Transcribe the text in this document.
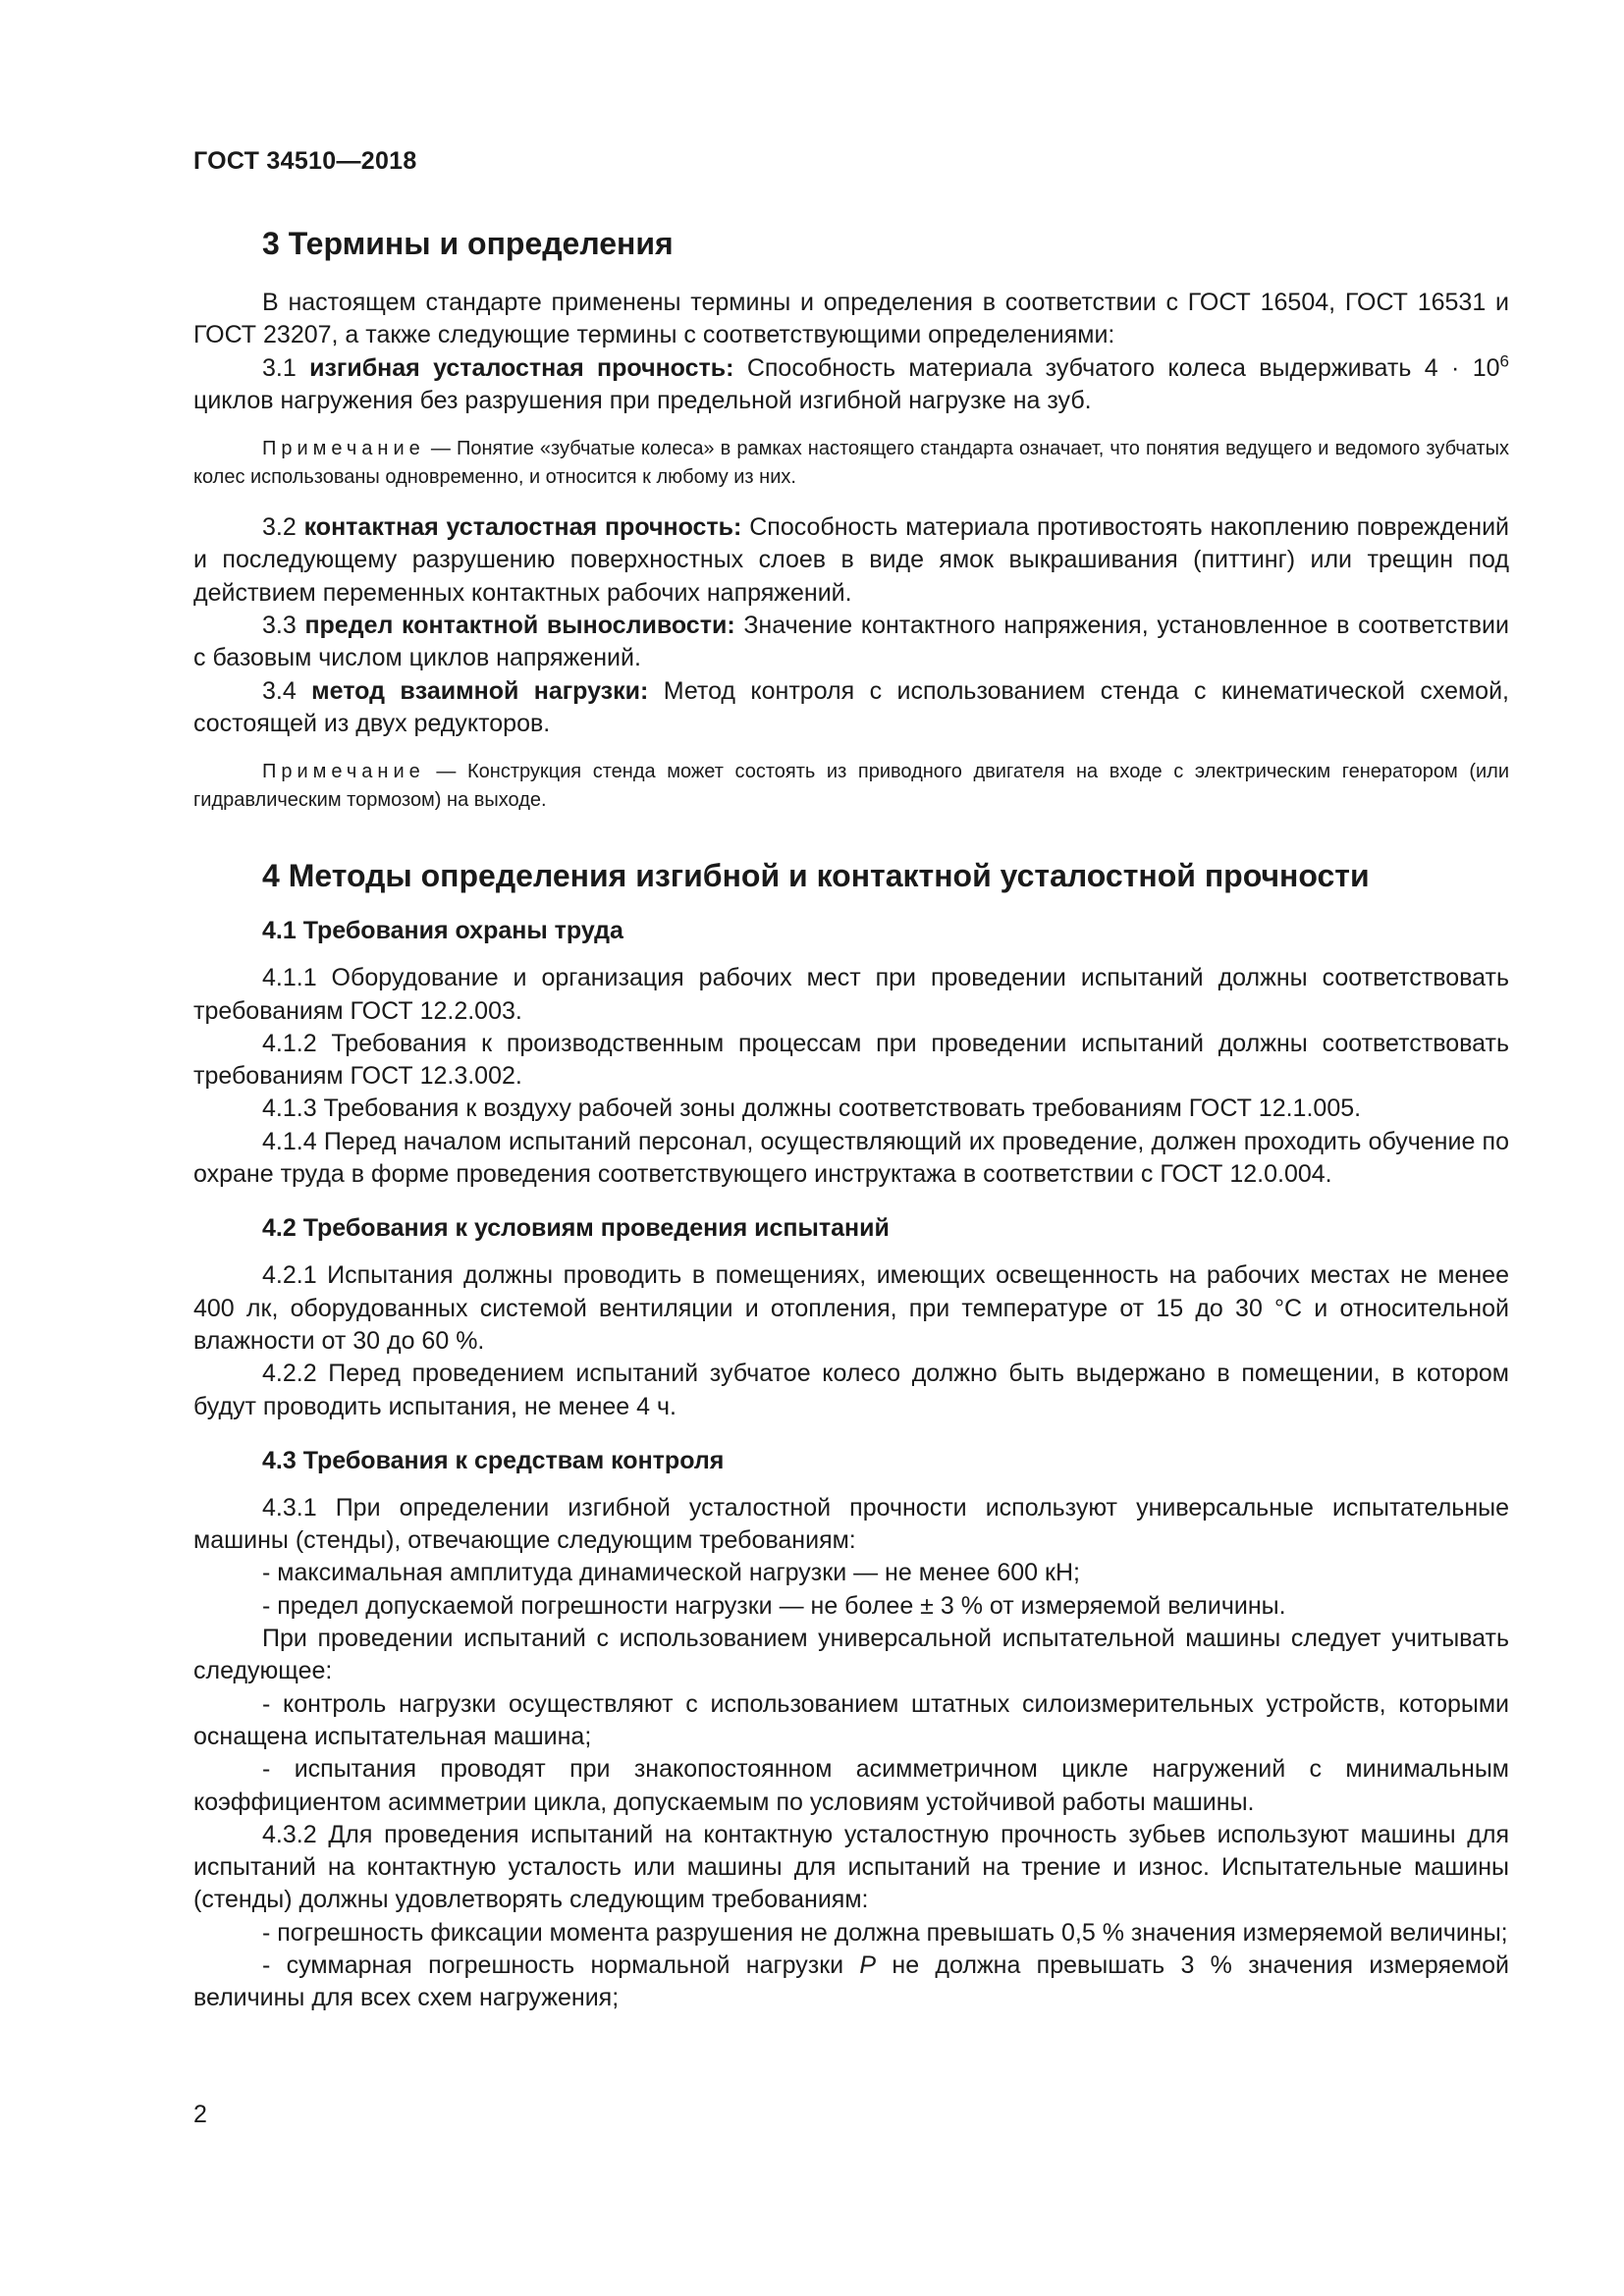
ГОСТ 34510—2018
3 Термины и определения

В настоящем стандарте применены термины и определения в соответствии с ГОСТ 16504, ГОСТ 16531 и ГОСТ 23207, а также следующие термины с соответствующими определениями:

3.1 изгибная усталостная прочность: Способность материала зубчатого колеса выдерживать $4 \cdot 10^6$ циклов нагружения без разрушения при предельной изгибной нагрузке на зуб.

Примечание — Понятие «зубчатые колеса» в рамках настоящего стандарта означает, что понятия ведущего и ведомого зубчатых колес использованы одновременно, и относится к любому из них.

3.2 контактная усталостная прочность: Способность материала противостоять накоплению повреждений и последующему разрушению поверхностных слоев в виде ямок выкрашивания (питтинг) или трещин под действием переменных контактных рабочих напряжений.

3.3 предел контактной выносливости: Значение контактного напряжения, установленное в соответствии с базовым числом циклов напряжений.

3.4 метод взаимной нагрузки: Метод контроля с использованием стенда с кинематической схемой, состоящей из двух редукторов.

Примечание — Конструкция стенда может состоять из приводного двигателя на входе с электрическим генератором (или гидравлическим тормозом) на выходе.

4 Методы определения изгибной и контактной усталостной прочности
4.1 Требования охраны труда

4.1.1 Оборудование и организация рабочих мест при проведении испытаний должны соответствовать требованиям ГОСТ 12.2.003.

4.1.2 Требования к производственным процессам при проведении испытаний должны соответствовать требованиям ГОСТ 12.3.002.

4.1.3 Требования к воздуху рабочей зоны должны соответствовать требованиям ГОСТ 12.1.005.

4.1.4 Перед началом испытаний персонал, осуществляющий их проведение, должен проходить обучение по охране труда в форме проведения соответствующего инструктажа в соответствии с ГОСТ 12.0.004.

4.2 Требования к условиям проведения испытаний

4.2.1 Испытания должны проводить в помещениях, имеющих освещенность на рабочих местах не менее 400 лк, оборудованных системой вентиляции и отопления, при температуре от 15 до 30 °С и относительной влажности от 30 до 60 %.

4.2.2 Перед проведением испытаний зубчатое колесо должно быть выдержано в помещении, в котором будут проводить испытания, не менее 4 ч.

4.3 Требования к средствам контроля

4.3.1 При определении изгибной усталостной прочности используют универсальные испытательные машины (стенды), отвечающие следующим требованиям:

- максимальная амплитуда динамической нагрузки — не менее 600 кН;

- предел допускаемой погрешности нагрузки — не более ± 3 % от измеряемой величины.

При проведении испытаний с использованием универсальной испытательной машины следует учитывать следующее:

- контроль нагрузки осуществляют с использованием штатных силоизмерительных устройств, которыми оснащена испытательная машина;

- испытания проводят при знакопостоянном асимметричном цикле нагружений с минимальным коэффициентом асимметрии цикла, допускаемым по условиям устойчивой работы машины.

4.3.2 Для проведения испытаний на контактную усталостную прочность зубьев используют машины для испытаний на контактную усталость или машины для испытаний на трение и износ. Испытательные машины (стенды) должны удовлетворять следующим требованиям:

- погрешность фиксации момента разрушения не должна превышать 0,5 % значения измеряемой величины;

- суммарная погрешность нормальной нагрузки P не должна превышать 3 % значения измеряемой величины для всех схем нагружения;

2
